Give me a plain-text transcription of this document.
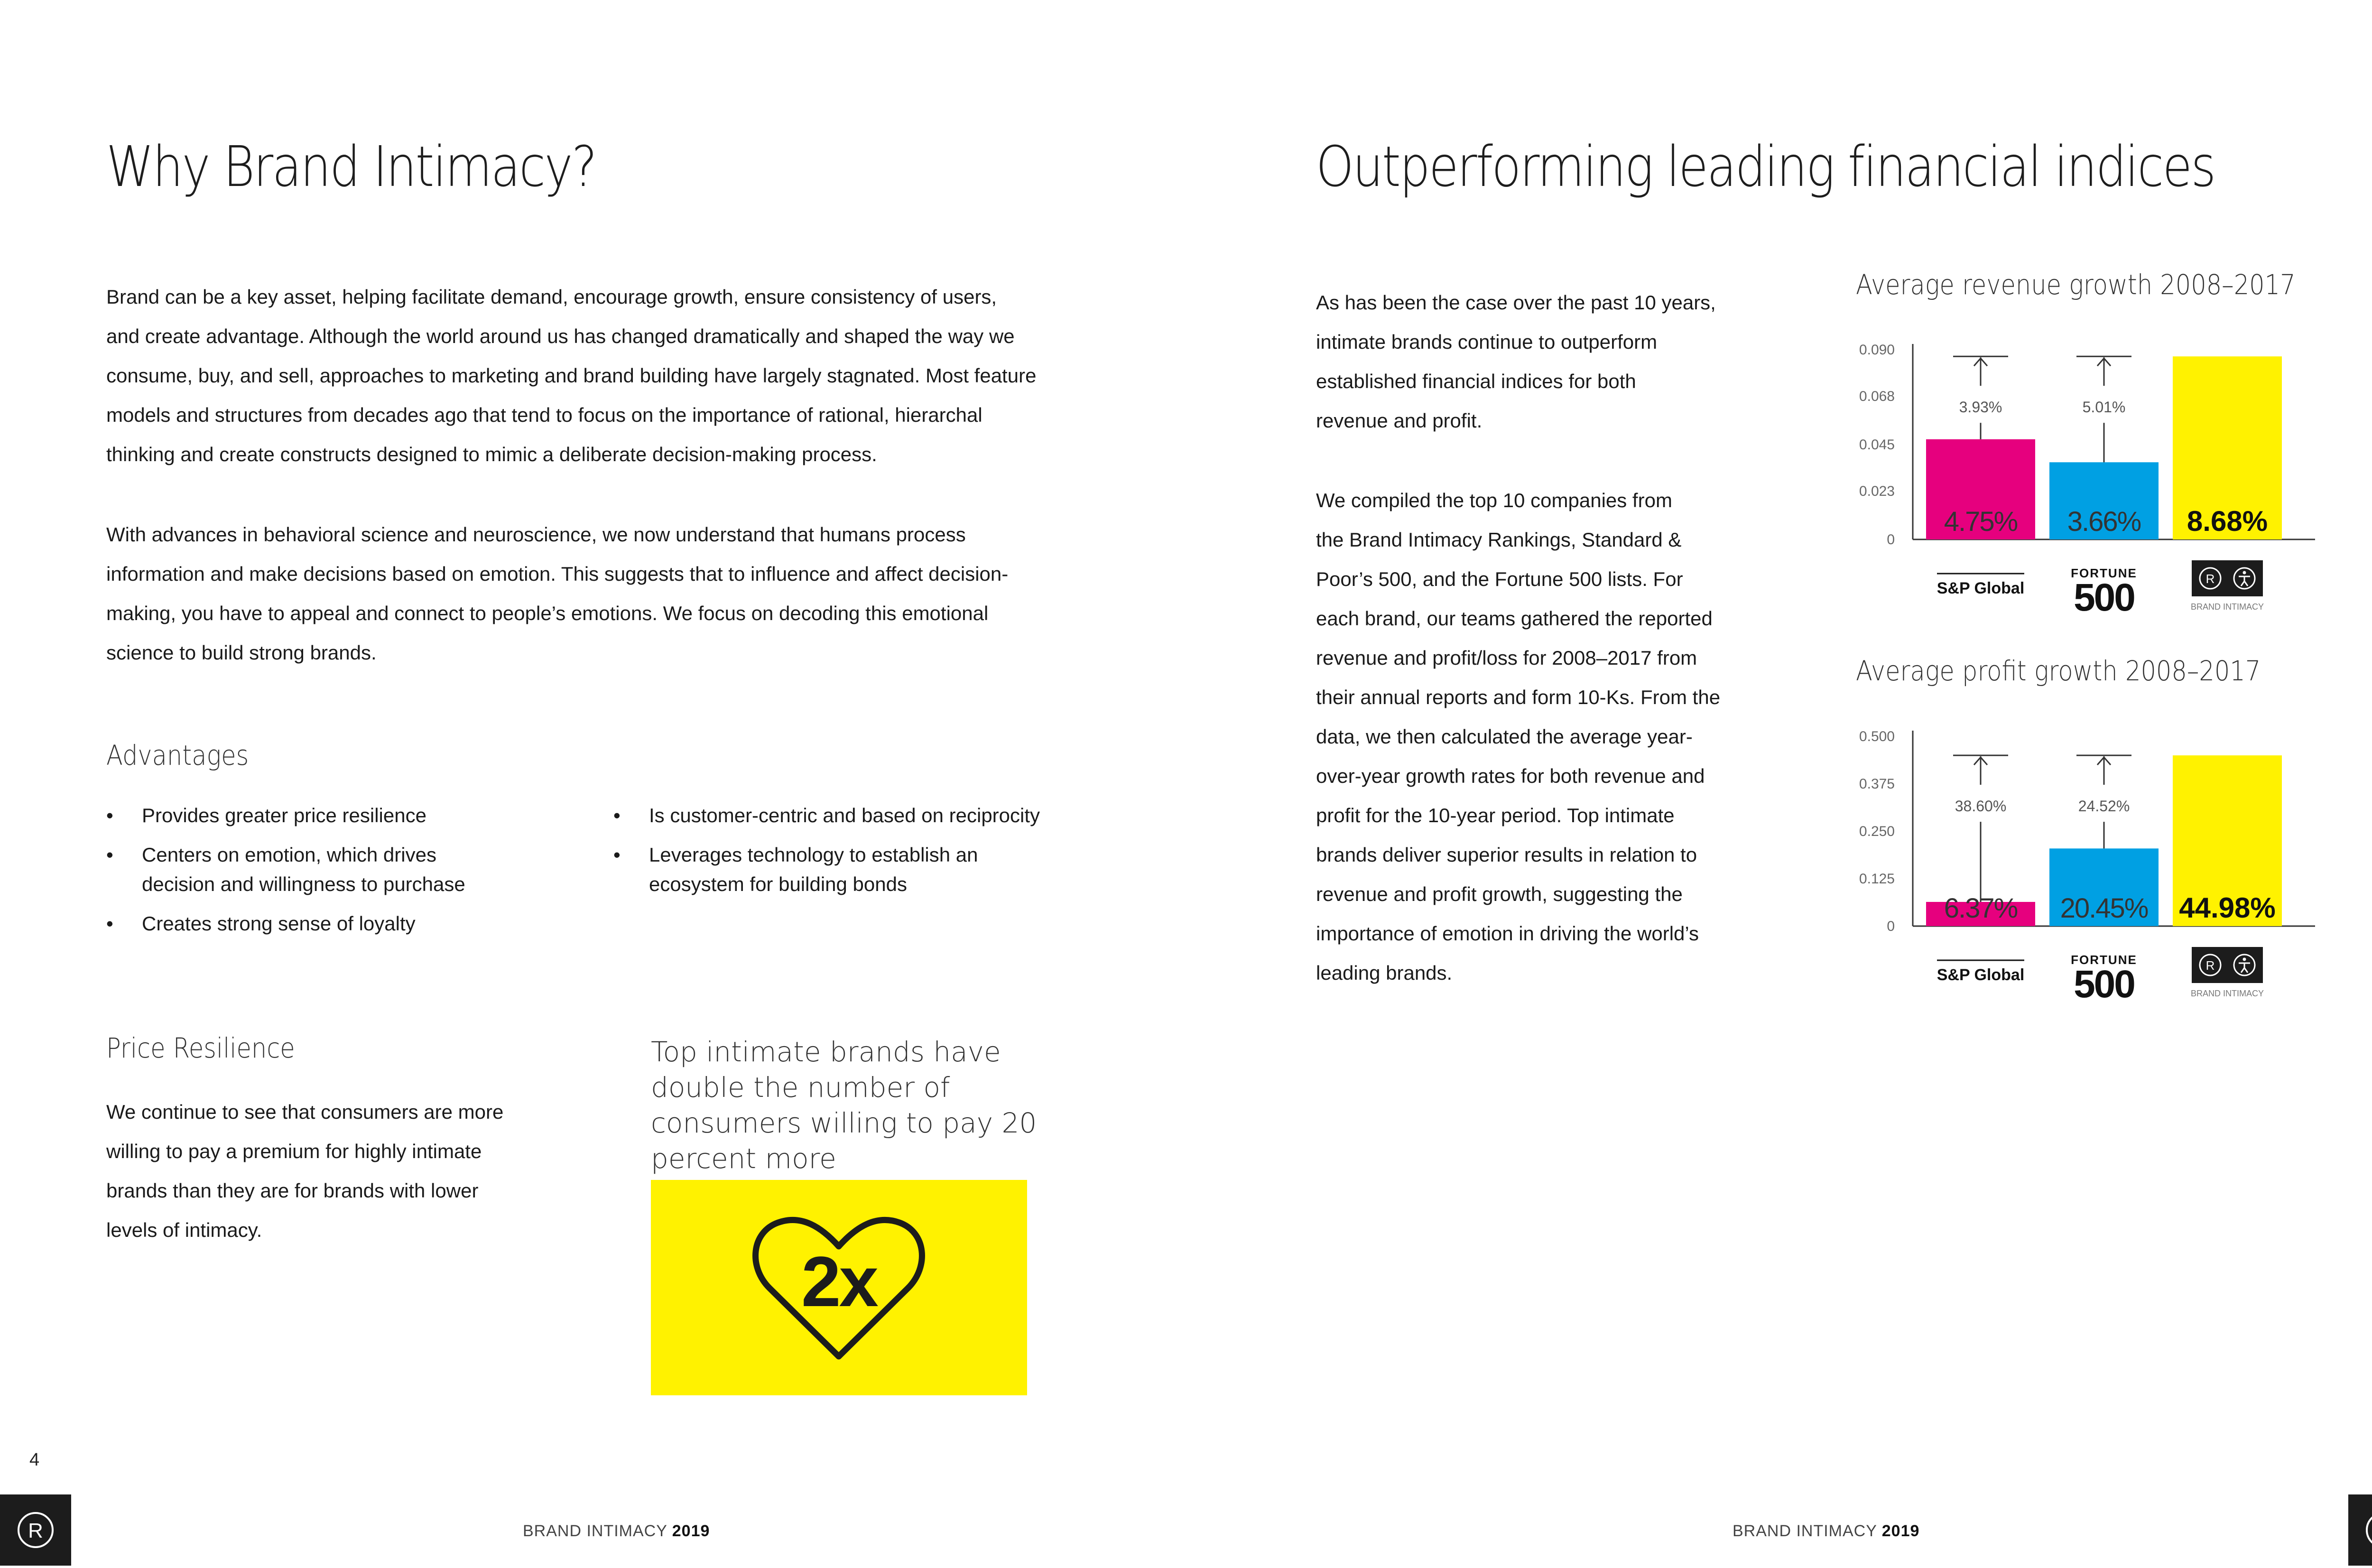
Why Brand Intimacy?
Brand can be a key asset, helping facilitate demand, encourage growth, ensure consistency of users,
and create advantage. Although the world around us has changed dramatically and shaped the way we
consume, buy, and sell, approaches to marketing and brand building have largely stagnated. Most feature
models and structures from decades ago that tend to focus on the importance of rational, hierarchal
thinking and create constructs designed to mimic a deliberate decision-making process.
With advances in behavioral science and neuroscience, we now understand that humans process
information and make decisions based on emotion. This suggests that to influence and affect decision-
making, you have to appeal and connect to people’s emotions. We focus on decoding this emotional
science to build strong brands.
Advantages
• Provides greater price resilience
• Centers on emotion, which drives decision and willingness to purchase
• Creates strong sense of loyalty
• Is customer-centric and based on reciprocity
• Leverages technology to establish an ecosystem for building bonds
Price Resilience
We continue to see that consumers are more
willing to pay a premium for highly intimate
brands than they are for brands with lower
levels of intimacy.
Top intimate brands have double the number of consumers willing to pay 20 percent more
2x
4
BRAND INTIMACY 2019
R
Outperforming leading financial indices
As has been the case over the past 10 years,
intimate brands continue to outperform
established financial indices for both
revenue and profit.
We compiled the top 10 companies from
the Brand Intimacy Rankings, Standard &
Poor’s 500, and the Fortune 500 lists. For
each brand, our teams gathered the reported
revenue and profit/loss for 2008–2017 from
their annual reports and form 10-Ks. From the
data, we then calculated the average year-
over-year growth rates for both revenue and
profit for the 10-year period. Top intimate
brands deliver superior results in relation to
revenue and profit growth, suggesting the
importance of emotion in driving the world’s
leading brands.
Average revenue growth 2008–2017
0
0.023
0.045
0.068
0.090
4.75% 3.66% 8.68%
3.93%	5.01%
S&P Global
FORTUNE
500	R
BRAND INTIMACY
Average profit growth 2008–2017
0
0.125
0.250
0.375
0.500
6.37% 20.45% 44.98%
38.60%	24.52%
S&P Global
FORTUNE
500	R
BRAND INTIMACY
BRAND INTIMACY 2019
